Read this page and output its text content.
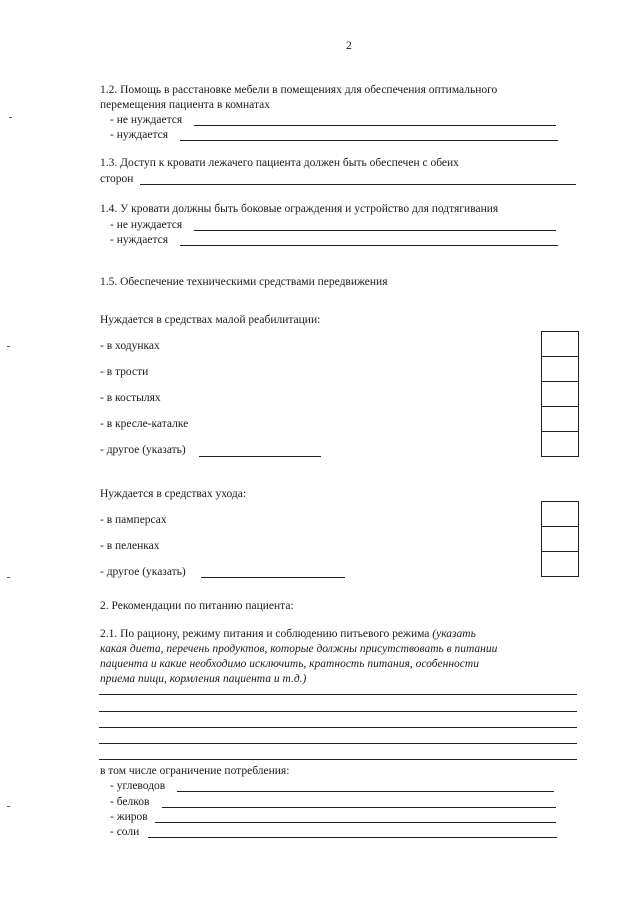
2
1.2. Помощь в расстановке мебели в помещениях для обеспечения оптимального
перемещения пациента в комнатах
- не нуждается
- нуждается
1.3. Доступ к кровати лежачего пациента должен быть обеспечен с обеих
сторон
1.4. У кровати должны быть боковые ограждения и устройство для подтягивания
- не нуждается
- нуждается
1.5. Обеспечение техническими средствами передвижения
Нуждается в средствах малой реабилитации:
- в ходунках
- в трости
- в костылях
- в кресле-каталке
- другое (указать)
Нуждается в средствах ухода:
- в памперсах
- в пеленках
- другое (указать)
2. Рекомендации по питанию пациента:
2.1. По рациону, режиму питания и соблюдению питьевого режима (указать
какая диета, перечень продуктов, которые должны присутствовать в питании
пациента и какие необходимо исключить, кратность питания, особенности
приема пищи, кормления пациента и т.д.)
в том числе ограничение потребления:
- углеводов
- белков
- жиров
- соли
